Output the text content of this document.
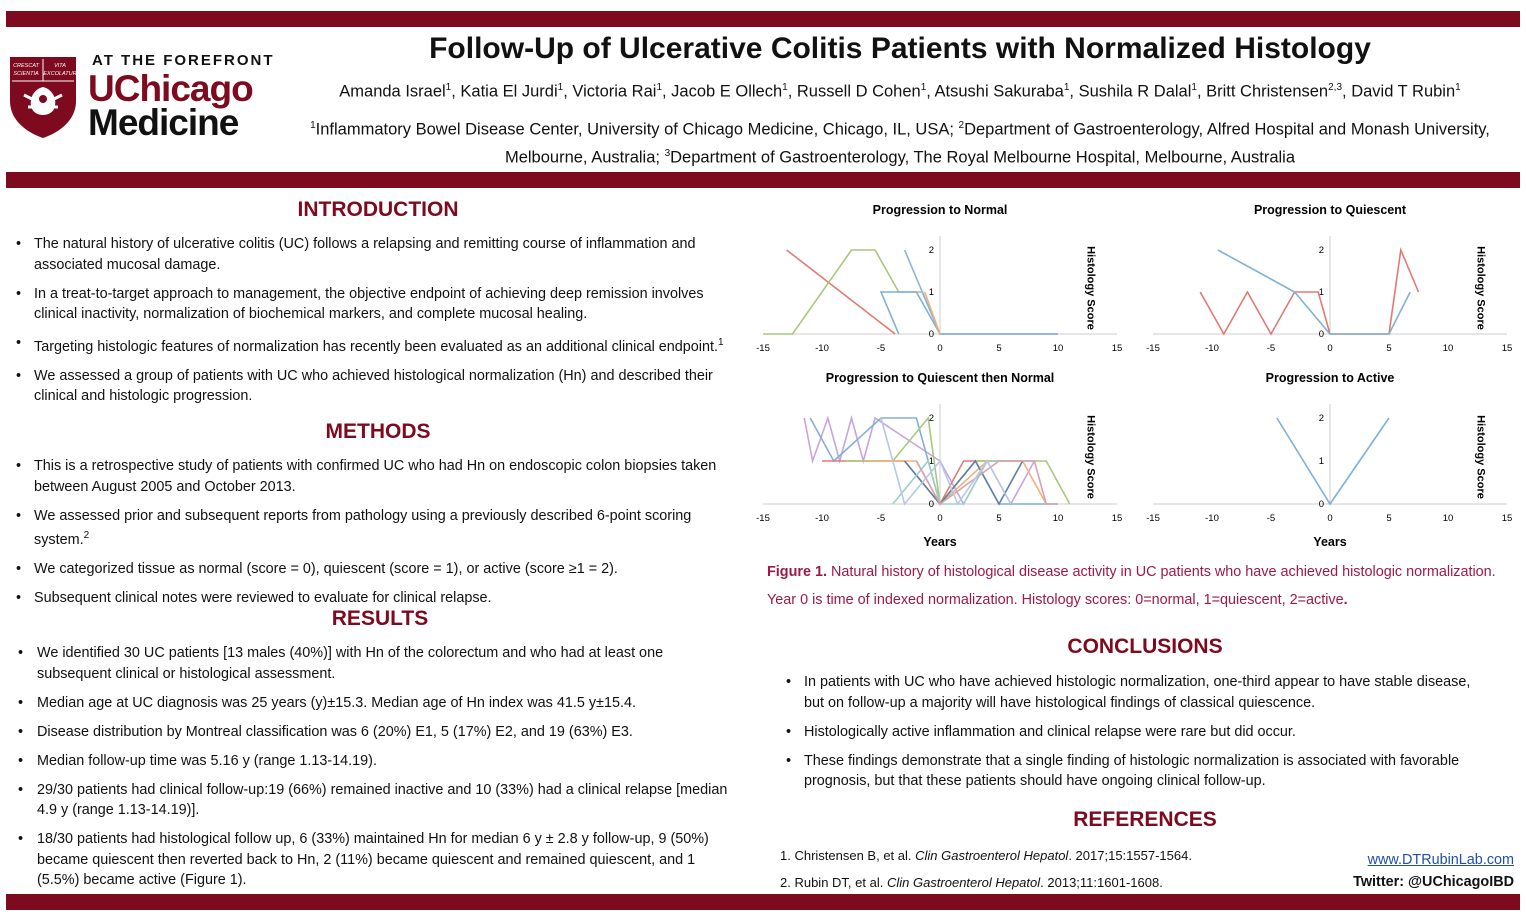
CRESCAT
SCIENTIA
VITA
EXCOLATUR
AT THE FOREFRONT
UChicago
Medicine
Follow-Up of Ulcerative Colitis Patients with Normalized Histology
Amanda Israel$^1$, Katia El Jurdi$^1$, Victoria Rai$^1$, Jacob E Ollech$^1$, Russell D Cohen$^1$, Atsushi Sakuraba$^1$, Sushila R Dalal$^1$, Britt Christensen$^{2,3}$, David T Rubin$^1$
$^1$Inflammatory Bowel Disease Center, University of Chicago Medicine, Chicago, IL, USA; $^2$Department of Gastroenterology, Alfred Hospital and Monash University, Melbourne, Australia; $^3$Department of Gastroenterology, The Royal Melbourne Hospital, Melbourne, Australia
INTRODUCTION
• The natural history of ulcerative colitis (UC) follows a relapsing and remitting course of inflammation and associated mucosal damage.
• In a treat-to-target approach to management, the objective endpoint of achieving deep remission involves clinical inactivity, normalization of biochemical markers, and complete mucosal healing.
• Targeting histologic features of normalization has recently been evaluated as an additional clinical endpoint.$^1$
• We assessed a group of patients with UC who achieved histological normalization (Hn) and described their clinical and histologic progression.
METHODS
• This is a retrospective study of patients with confirmed UC who had Hn on endoscopic colon biopsies taken between August 2005 and October 2013.
• We assessed prior and subsequent reports from pathology using a previously described 6-point scoring system.$^2$
• We categorized tissue as normal (score = 0), quiescent (score = 1), or active (score ≥1 = 2).
• Subsequent clinical notes were reviewed to evaluate for clinical relapse.
RESULTS
• We identified 30 UC patients [13 males (40%)] with Hn of the colorectum and who had at least one subsequent clinical or histological assessment.
• Median age at UC diagnosis was 25 years (y)±15.3. Median age of Hn index was 41.5 y±15.4.
• Disease distribution by Montreal classification was 6 (20%) E1, 5 (17%) E2, and 19 (63%) E3.
• Median follow-up time was 5.16 y (range 1.13-14.19).
• 29/30 patients had clinical follow-up:19 (66%) remained inactive and 10 (33%) had a clinical relapse [median 4.9 y (range 1.13-14.19)].
• 18/30 patients had histological follow up, 6 (33%) maintained Hn for median 6 y ± 2.8 y follow-up, 9 (50%) became quiescent then reverted back to Hn, 2 (11%) became quiescent and remained quiescent, and 1 (5.5%) became active (Figure 1).
Progression to Normal
-15	-10	-5	0	5	10	15
0
1
2	Histology Score
Progression to Quiescent
-15	-10	-5	0	5	10	15
0
1
2	Histology Score
Progression to Quiescent then Normal
-15	-10	-5	0	5	10	15
0
1
2	Histology Score
Years
Progression to Active
-15	-10	-5	0	5	10	15
0
1
2	Histology Score
Years
Figure 1. Natural history of histological disease activity in UC patients who have achieved histologic normalization. Year 0 is time of indexed normalization. Histology scores: 0=normal, 1=quiescent, 2=active.
CONCLUSIONS
• In patients with UC who have achieved histologic normalization, one-third appear to have stable disease, but on follow-up a majority will have histological findings of classical quiescence.
• Histologically active inflammation and clinical relapse were rare but did occur.
• These findings demonstrate that a single finding of histologic normalization is associated with favorable prognosis, but that these patients should have ongoing clinical follow-up.
REFERENCES
1. Christensen B, et al. Clin Gastroenterol Hepatol. 2017;15:1557-1564.
2. Rubin DT, et al. Clin Gastroenterol Hepatol. 2013;11:1601-1608.
www.DTRubinLab.com
Twitter: @UChicagoIBD
